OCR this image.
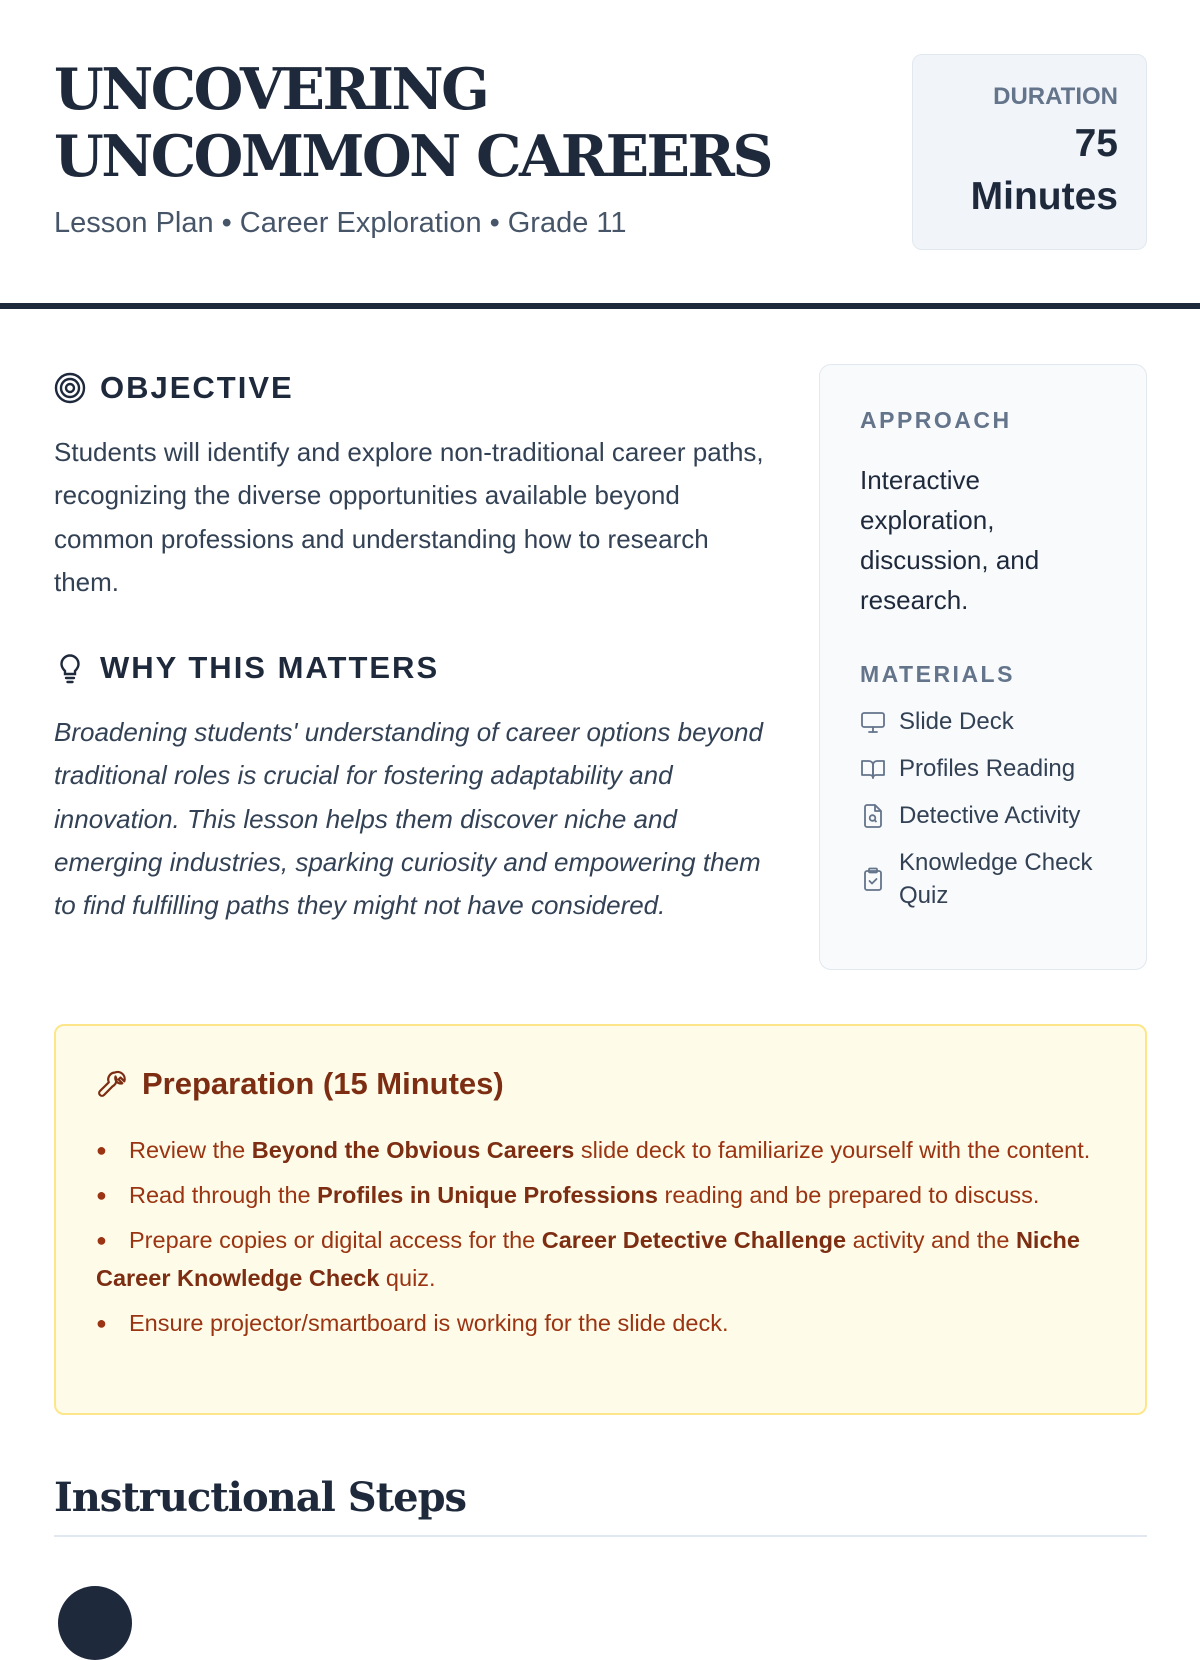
UNCOVERING UNCOMMON CAREERS
Lesson Plan • Career Exploration • Grade 11
DURATION
75
Minutes
OBJECTIVE

Students will identify and explore non-traditional career paths, recognizing the diverse opportunities available beyond common professions and understanding how to research them.

WHY THIS MATTERS

Broadening students' understanding of career options beyond traditional roles is crucial for fostering adaptability and innovation. This lesson helps them discover niche and emerging industries, sparking curiosity and empowering them to find fulfilling paths they might not have considered.

APPROACH

Interactive exploration, discussion, and research.

MATERIALS
Slide Deck
Profiles Reading
Detective Activity
Knowledge Check Quiz
Preparation (15 Minutes)
● Review the Beyond the Obvious Careers slide deck to familiarize yourself with the content.
● Read through the Profiles in Unique Professions reading and be prepared to discuss.
● Prepare copies or digital access for the Career Detective Challenge activity and the Niche Career Knowledge Check quiz.
● Ensure projector/smartboard is working for the slide deck.
Instructional Steps
